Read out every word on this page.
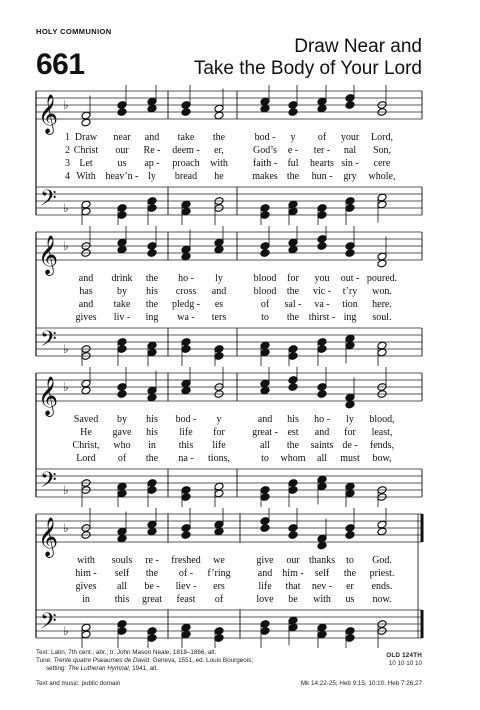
HOLY COMMUNION
661
Draw Near and
Take the Body of Your Lord
𝄞
𝄢
♭
♭
1 Draw near and take the	bod - y of your Lord,
2 Christ our Re - deem - er,	God’s e - ter - nal Son,
3 Let us ap - proach with	faith - ful hearts sin - cere
4 With heav’n - ly bread he	makes the hun - gry whole,
𝄞
𝄢
♭
♭
and drink the ho - ly	blood for you out - poured.
has by his cross and	blood the vic - t’ry won.
and take the pledg - es	of sal - va - tion here.
gives liv - ing wa - ters	to the thirst - ing soul.
𝄞
𝄢
♭
♭
Saved by his bod - y	and his ho - ly blood,
He gave his life for	great - est and for least,
Christ, who in this life	all the saints de - fends,
Lord of the na - tions,	to whom all must bow,
𝄞
𝄢
♭
♭
with souls re - freshed we	give our thanks to God.
him - self the of - f’ring	and him - self the priest.
gives all be - liev - ers	life that nev - er ends.
in this great feast of	love be with us now.
Text: Latin, 7th cent., abr.; tr. John Mason Neale, 1818–1866, alt.
Tune: Trente quatre Pseaumes de David, Geneva, 1551, ed. Louis Bourgeois;
setting: The Lutheran Hymnal, 1941, alt.
Text and music: public domain
OLD 124TH
10 10 10 10
Mk 14:22-25; Heb 9:15; 10:10; Heb 7:26,27
